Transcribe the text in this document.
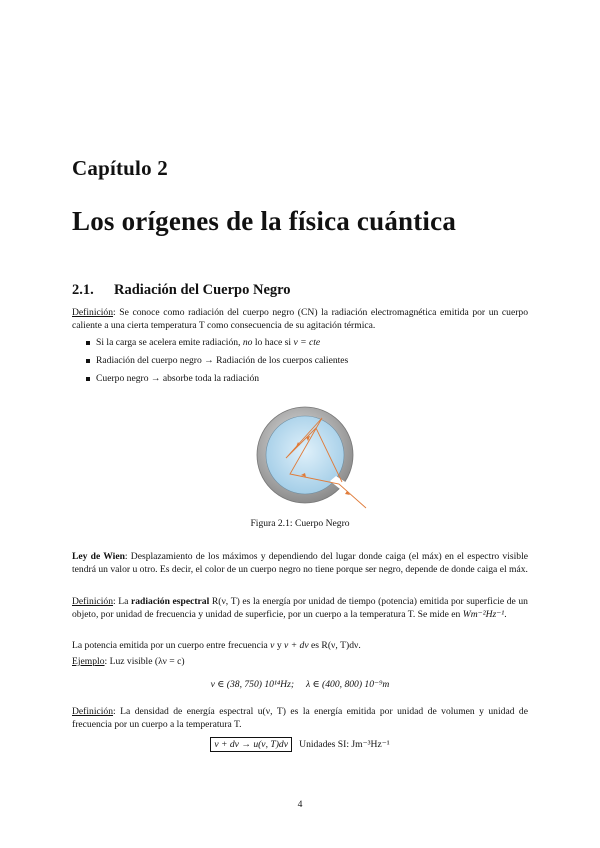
Capítulo 2
Los orígenes de la física cuántica
2.1. Radiación del Cuerpo Negro
Definición: Se conoce como radiación del cuerpo negro (CN) la radiación electromagnética emitida por un cuerpo caliente a una cierta temperatura T como consecuencia de su agitación térmica.
Si la carga se acelera emite radiación, no lo hace si v = cte
Radiación del cuerpo negro → Radiación de los cuerpos calientes
Cuerpo negro → absorbe toda la radiación
Figura 2.1: Cuerpo Negro
Ley de Wien: Desplazamiento de los máximos y dependiendo del lugar donde caiga (el máx) en el espectro visible tendrá un valor u otro. Es decir, el color de un cuerpo negro no tiene porque ser negro, depende de donde caiga el máx.
Definición: La radiación espectral R(ν, T) es la energía por unidad de tiempo (potencia) emitida por superficie de un objeto, por unidad de frecuencia y unidad de superficie, por un cuerpo a la temperatura T. Se mide en Wm⁻²Hz⁻¹.
La potencia emitida por un cuerpo entre frecuencia ν y ν + dν es R(ν, T)dν.
Ejemplo: Luz visible (λν = c)
ν ∈ (38, 750) 10¹⁴Hz;     λ ∈ (400, 800) 10⁻⁹m
Definición: La densidad de energía espectral u(ν, T) es la energía emitida por unidad de volumen y unidad de frecuencia por un cuerpo a la temperatura T.
ν + dν → u(ν, T)dν Unidades SI: Jm⁻³Hz⁻¹
4
